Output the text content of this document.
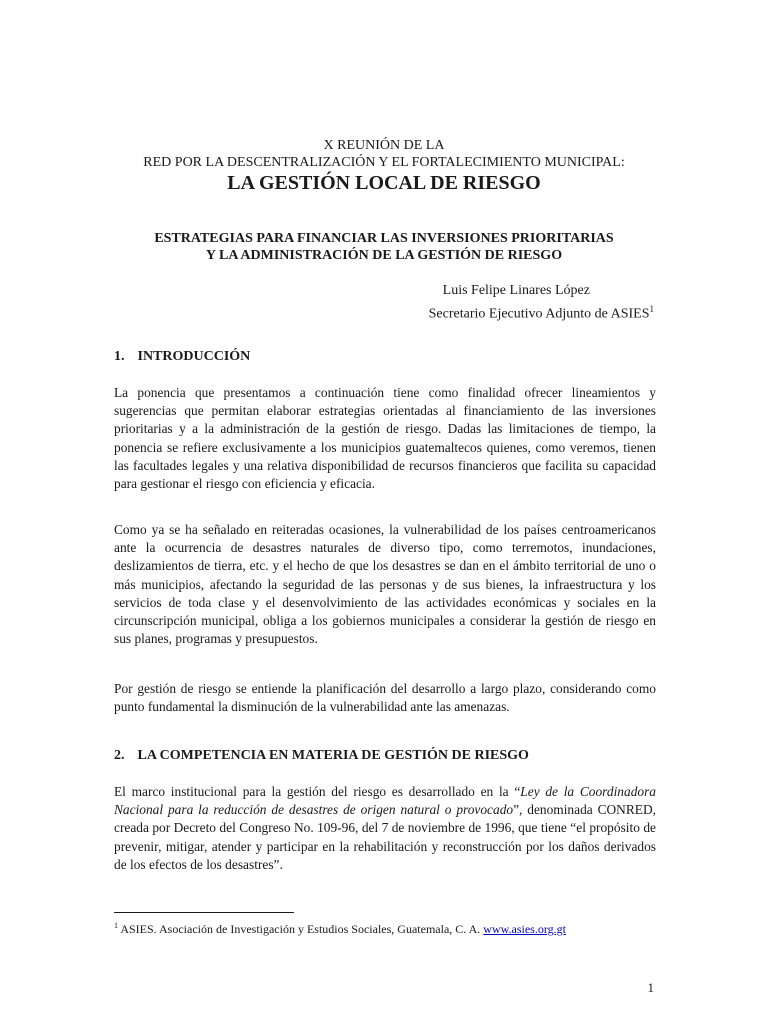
X REUNIÓN DE LA
RED POR LA DESCENTRALIZACIÓN Y EL FORTALECIMIENTO MUNICIPAL:
LA GESTIÓN LOCAL DE RIESGO
ESTRATEGIAS PARA FINANCIAR LAS INVERSIONES PRIORITARIAS
Y LA ADMINISTRACIÓN DE LA GESTIÓN DE RIESGO
Luis Felipe Linares López
Secretario Ejecutivo Adjunto de ASIES$^1$
1. INTRODUCCIÓN
La ponencia que presentamos a continuación tiene como finalidad ofrecer lineamientos y sugerencias que permitan elaborar estrategias orientadas al financiamiento de las inversiones prioritarias y a la administración de la gestión de riesgo. Dadas las limitaciones de tiempo, la ponencia se refiere exclusivamente a los municipios guatemaltecos quienes, como veremos, tienen las facultades legales y una relativa disponibilidad de recursos financieros que facilita su capacidad para gestionar el riesgo con eficiencia y eficacia.
Como ya se ha señalado en reiteradas ocasiones, la vulnerabilidad de los países centroamericanos ante la ocurrencia de desastres naturales de diverso tipo, como terremotos, inundaciones, deslizamientos de tierra, etc. y el hecho de que los desastres se dan en el ámbito territorial de uno o más municipios, afectando la seguridad de las personas y de sus bienes, la infraestructura y los servicios de toda clase y el desenvolvimiento de las actividades económicas y sociales en la circunscripción municipal, obliga a los gobiernos municipales a considerar la gestión de riesgo en sus planes, programas y presupuestos.
Por gestión de riesgo se entiende la planificación del desarrollo a largo plazo, considerando como punto fundamental la disminución de la vulnerabilidad ante las amenazas.
2. LA COMPETENCIA EN MATERIA DE GESTIÓN DE RIESGO
El marco institucional para la gestión del riesgo es desarrollado en la “Ley de la Coordinadora Nacional para la reducción de desastres de origen natural o provocado”, denominada CONRED, creada por Decreto del Congreso No. 109-96, del 7 de noviembre de 1996, que tiene “el propósito de prevenir, mitigar, atender y participar en la rehabilitación y reconstrucción por los daños derivados de los efectos de los desastres”.
$^1$ ASIES. Asociación de Investigación y Estudios Sociales, Guatemala, C. A. www.asies.org.gt
1
